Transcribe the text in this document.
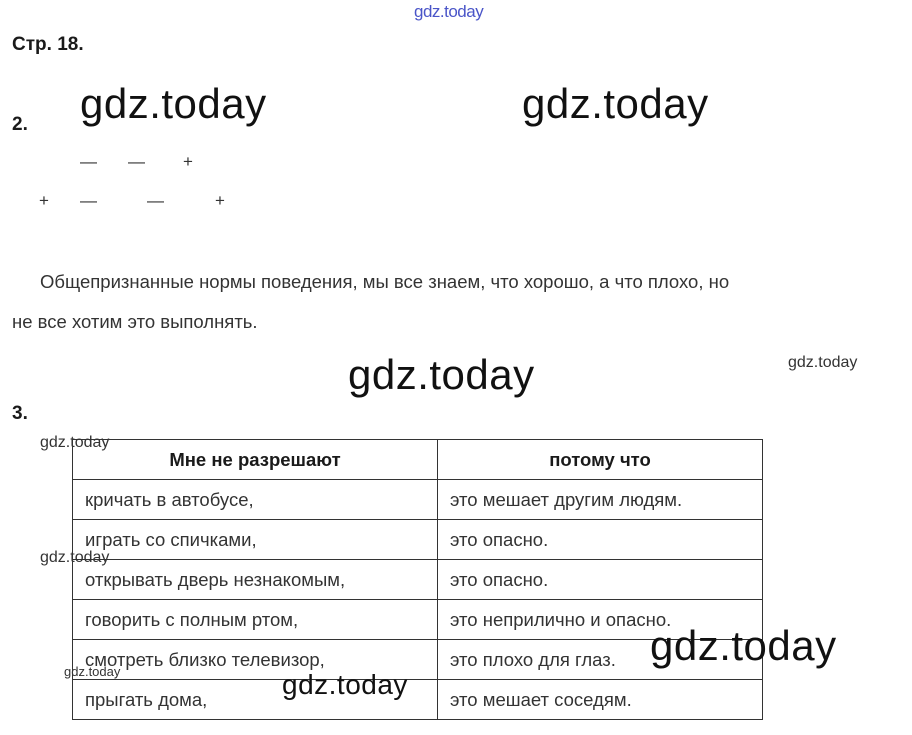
gdz.today
Стр. 18.
2. gdz.today	gdz.today
— — +
+ —	—	+
Общепризнанные нормы поведения, мы все знаем, что хорошо, а что плохо, но
не все хотим это выполнять.
gdz.today	gdz.today
3.
Мне не разрешают	потому что
кричать в автобусе,	это мешает другим людям.
играть со спичками,	это опасно.
открывать дверь незнакомым,	это опасно.
говорить с полным ртом,	это неприлично и опасно.
смотреть близко телевизор,	это плохо для глаз.
прыгать дома,	это мешает соседям.
gdz.today
gdz.today
gdz.today	gdz.today
gdz.today
